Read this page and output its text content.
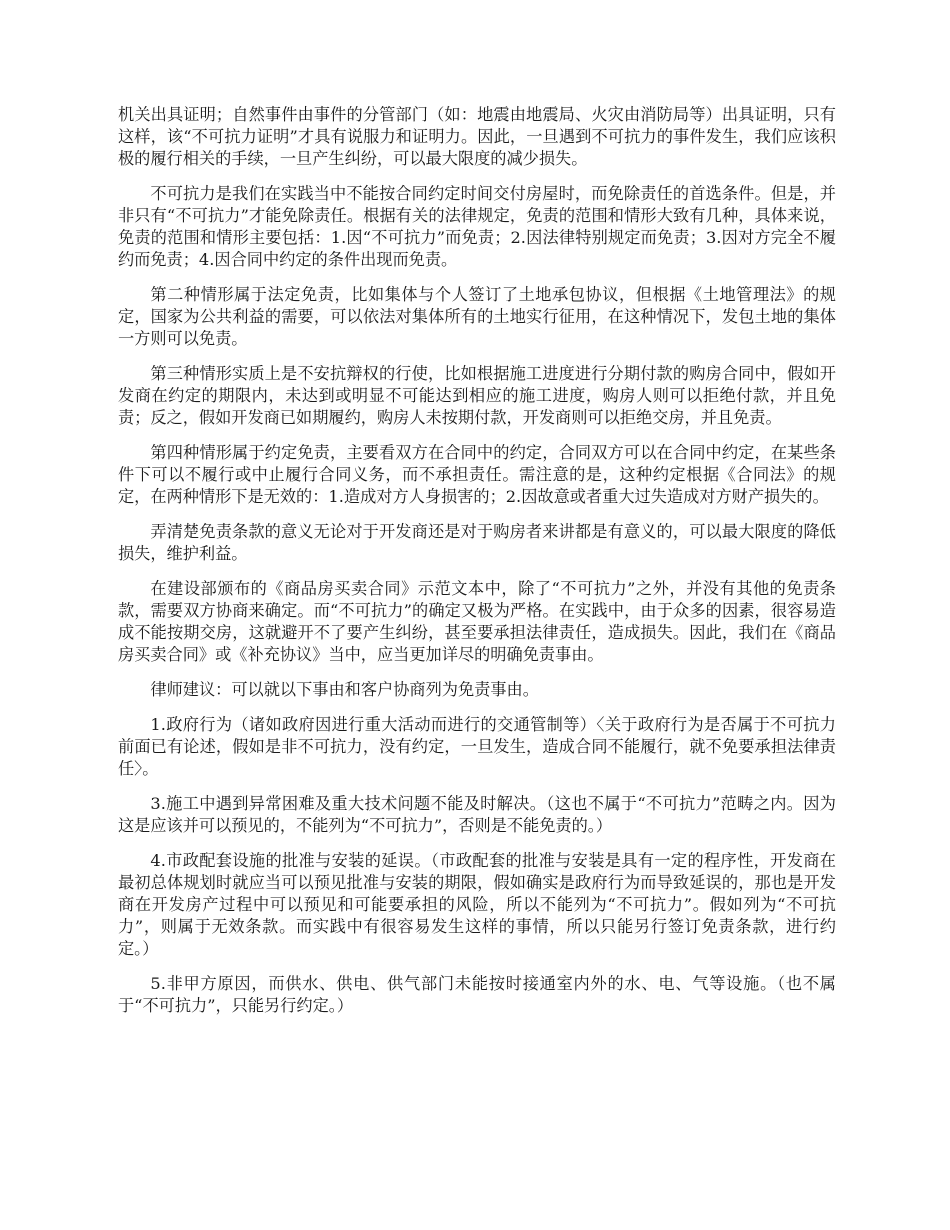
机关出具证明；自然事件由事件的分管部门（如：地震由地震局、火灾由消防局等）出具证明，只有这样，该“不可抗力证明”才具有说服力和证明力。因此，一旦遇到不可抗力的事件发生，我们应该积极的履行相关的手续，一旦产生纠纷，可以最大限度的减少损失。

不可抗力是我们在实践当中不能按合同约定时间交付房屋时，而免除责任的首选条件。但是，并非只有“不可抗力”才能免除责任。根据有关的法律规定，免责的范围和情形大致有几种，具体来说，免责的范围和情形主要包括：1.因“不可抗力”而免责；2.因法律特别规定而免责；3.因对方完全不履约而免责；4.因合同中约定的条件出现而免责。

第二种情形属于法定免责，比如集体与个人签订了土地承包协议，但根据《土地管理法》的规定，国家为公共利益的需要，可以依法对集体所有的土地实行征用，在这种情况下，发包土地的集体一方则可以免责。

第三种情形实质上是不安抗辩权的行使，比如根据施工进度进行分期付款的购房合同中，假如开发商在约定的期限内，未达到或明显不可能达到相应的施工进度，购房人则可以拒绝付款，并且免责；反之，假如开发商已如期履约，购房人未按期付款，开发商则可以拒绝交房，并且免责。

第四种情形属于约定免责，主要看双方在合同中的约定，合同双方可以在合同中约定，在某些条件下可以不履行或中止履行合同义务，而不承担责任。需注意的是，这种约定根据《合同法》的规定，在两种情形下是无效的：1.造成对方人身损害的；2.因故意或者重大过失造成对方财产损失的。

弄清楚免责条款的意义无论对于开发商还是对于购房者来讲都是有意义的，可以最大限度的降低损失，维护利益。

在建设部颁布的《商品房买卖合同》示范文本中，除了“不可抗力”之外，并没有其他的免责条款，需要双方协商来确定。而“不可抗力”的确定又极为严格。在实践中，由于众多的因素，很容易造成不能按期交房，这就避开不了要产生纠纷，甚至要承担法律责任，造成损失。因此，我们在《商品房买卖合同》或《补充协议》当中，应当更加详尽的明确免责事由。

律师建议：可以就以下事由和客户协商列为免责事由。

1.政府行为（诸如政府因进行重大活动而进行的交通管制等）〈关于政府行为是否属于不可抗力前面已有论述，假如是非不可抗力，没有约定，一旦发生，造成合同不能履行，就不免要承担法律责任〉。

3.施工中遇到异常困难及重大技术问题不能及时解决。（这也不属于“不可抗力”范畴之内。因为这是应该并可以预见的，不能列为“不可抗力”，否则是不能免责的。）

4.市政配套设施的批准与安装的延误。（市政配套的批准与安装是具有一定的程序性，开发商在最初总体规划时就应当可以预见批准与安装的期限，假如确实是政府行为而导致延误的，那也是开发商在开发房产过程中可以预见和可能要承担的风险，所以不能列为“不可抗力”。假如列为“不可抗力”，则属于无效条款。而实践中有很容易发生这样的事情，所以只能另行签订免责条款，进行约定。）

5.非甲方原因，而供水、供电、供气部门未能按时接通室内外的水、电、气等设施。（也不属于“不可抗力”，只能另行约定。）
